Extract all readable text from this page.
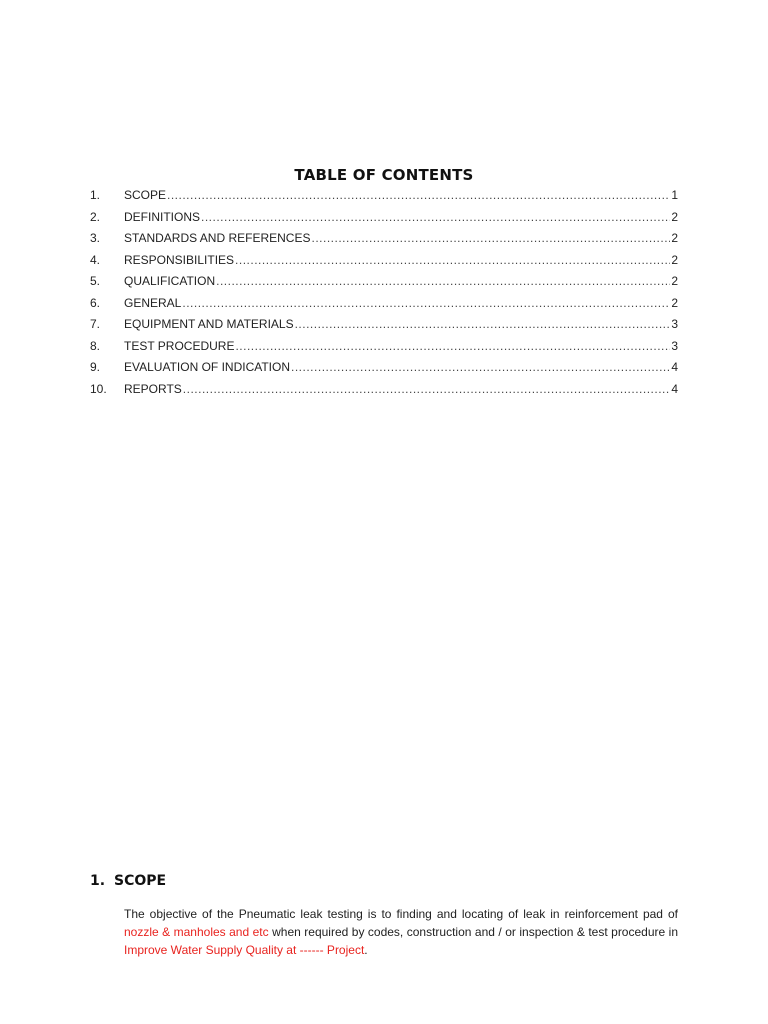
TABLE OF CONTENTS
1.	SCOPE .....	1
2.	DEFINITIONS .....	2
3.	STANDARDS AND REFERENCES .....	2
4.	RESPONSIBILITIES .....	2
5.	QUALIFICATION .....	2
6.	GENERAL .....	2
7.	EQUIPMENT AND MATERIALS .....	3
8.	TEST PROCEDURE .....	3
9.	EVALUATION OF INDICATION .....	4
10.	REPORTS .....	4
1. SCOPE

The objective of the Pneumatic leak testing is to finding and locating of leak in reinforcement pad of nozzle & manholes and etc when required by codes, construction and / or inspection & test procedure in Improve Water Supply Quality at ------ Project.
